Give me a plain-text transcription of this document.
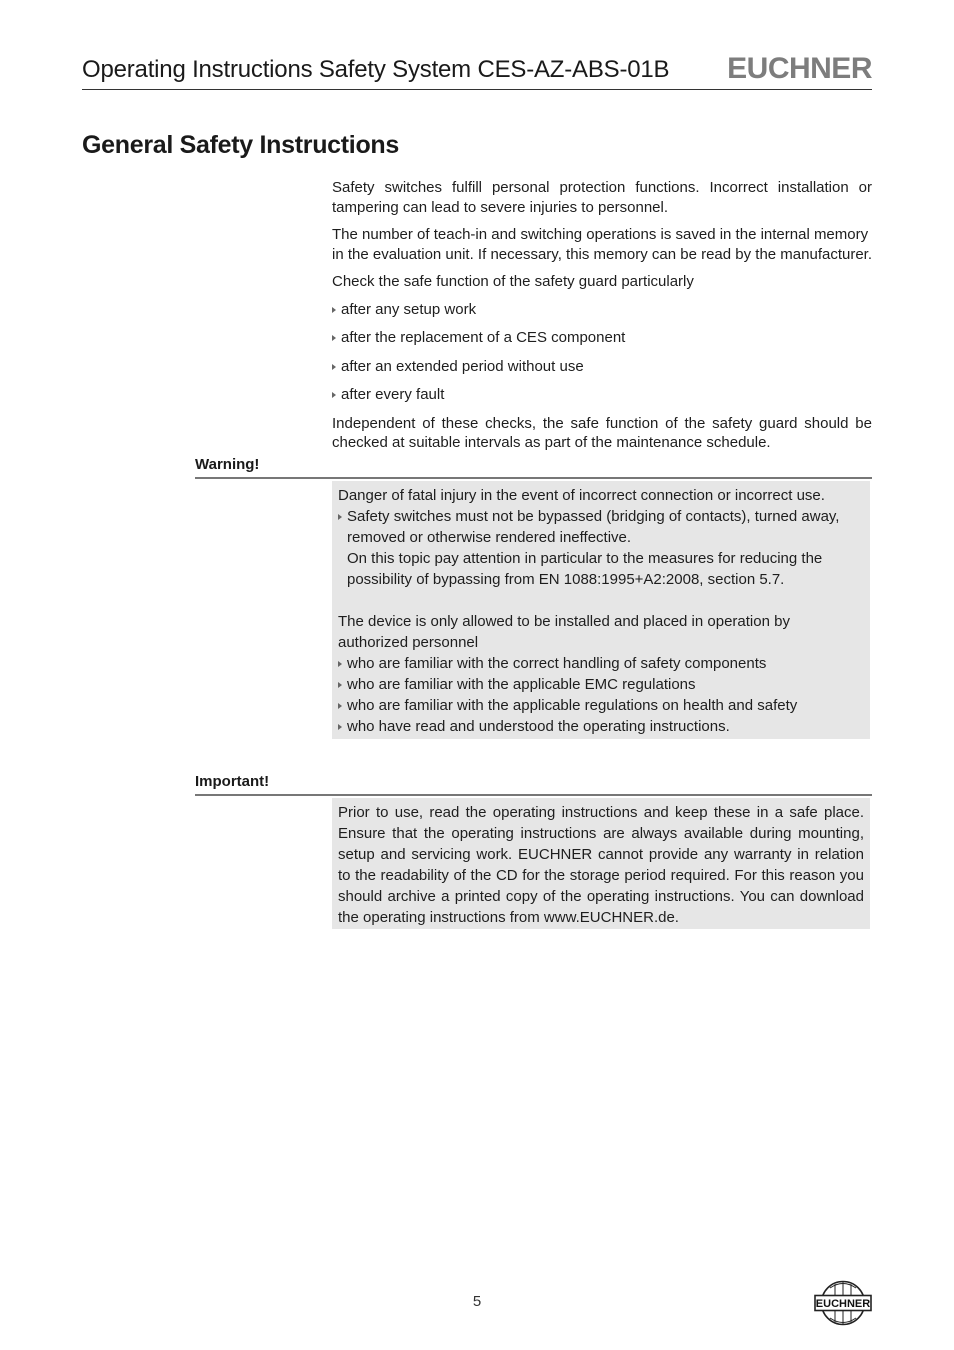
Operating Instructions Safety System CES-AZ-ABS-01B EUCHNER
General Safety Instructions

Safety switches fulfill personal protection functions. Incorrect installation or tampering can lead to severe injuries to personnel.

The number of teach-in and switching operations is saved in the internal memory in the evaluation unit. If necessary, this memory can be read by the manufacturer.

Check the safe function of the safety guard particularly

after any setup work
after the replacement of a CES component
after an extended period without use
after every fault

Independent of these checks, the safe function of the safety guard should be checked at suitable intervals as part of the maintenance schedule.

Warning!

Danger of fatal injury in the event of incorrect connection or incorrect use.

Safety switches must not be bypassed (bridging of contacts), turned away, removed or otherwise rendered ineffective.
On this topic pay attention in particular to the measures for reducing the possibility of bypassing from EN 1088:1995+A2:2008, section 5.7.

The device is only allowed to be installed and placed in operation by authorized personnel

who are familiar with the correct handling of safety components
who are familiar with the applicable EMC regulations
who are familiar with the applicable regulations on health and safety
who have read and understood the operating instructions.
Important!

Prior to use, read the operating instructions and keep these in a safe place. Ensure that the operating instructions are always available during mounting, setup and servicing work. EUCHNER cannot provide any warranty in relation to the readability of the CD for the storage period required. For this reason you should archive a printed copy of the operating instructions. You can download the operating instructions from www.EUCHNER.de.

5	EUCHNER
